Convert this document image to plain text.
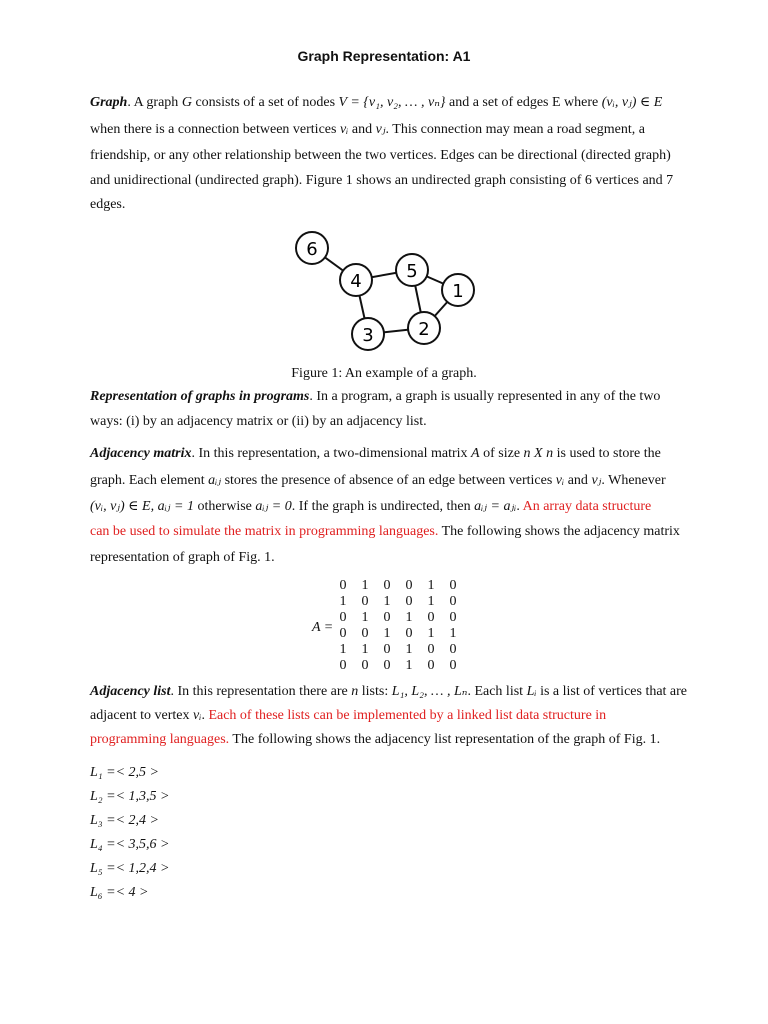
Graph Representation: A1
Graph. A graph G consists of a set of nodes V = {v₁, v₂, … , vₙ} and a set of edges E where (vᵢ, vⱼ) ∈ E
when there is a connection between vertices vᵢ and vⱼ. This connection may mean a road segment, a
friendship, or any other relationship between the two vertices. Edges can be directional (directed graph)
and unidirectional (undirected graph). Figure 1 shows an undirected graph consisting of 6 vertices and 7
edges.
6
4 5
1
3 2
Figure 1: An example of a graph.
Representation of graphs in programs. In a program, a graph is usually represented in any of the two
ways: (i) by an adjacency matrix or (ii) by an adjacency list.
Adjacency matrix. In this representation, a two-dimensional matrix A of size n X n is used to store the
graph. Each element aᵢⱼ stores the presence of absence of an edge between vertices vᵢ and vⱼ. Whenever
(vᵢ, vⱼ) ∈ E, aᵢⱼ = 1 otherwise aᵢⱼ = 0. If the graph is undirected, then aᵢⱼ = aⱼᵢ. An array data structure
can be used to simulate the matrix in programming languages. The following shows the adjacency matrix
representation of graph of Fig. 1.
A =
0	1	0	0	1	0
1	0	1	0	1	0
0	1	0	1	0	0
0	0	1	0	1	1
1	1	0	1	0	0
0	0	0	1	0	0
Adjacency list. In this representation there are n lists: L₁, L₂, … , Lₙ. Each list Lᵢ is a list of vertices that are
adjacent to vertex vᵢ. Each of these lists can be implemented by a linked list data structure in
programming languages. The following shows the adjacency list representation of the graph of Fig. 1.
L₁ =< 2,5 >
L₂ =< 1,3,5 >
L₃ =< 2,4 >
L₄ =< 3,5,6 >
L₅ =< 1,2,4 >
L₆ =< 4 >
